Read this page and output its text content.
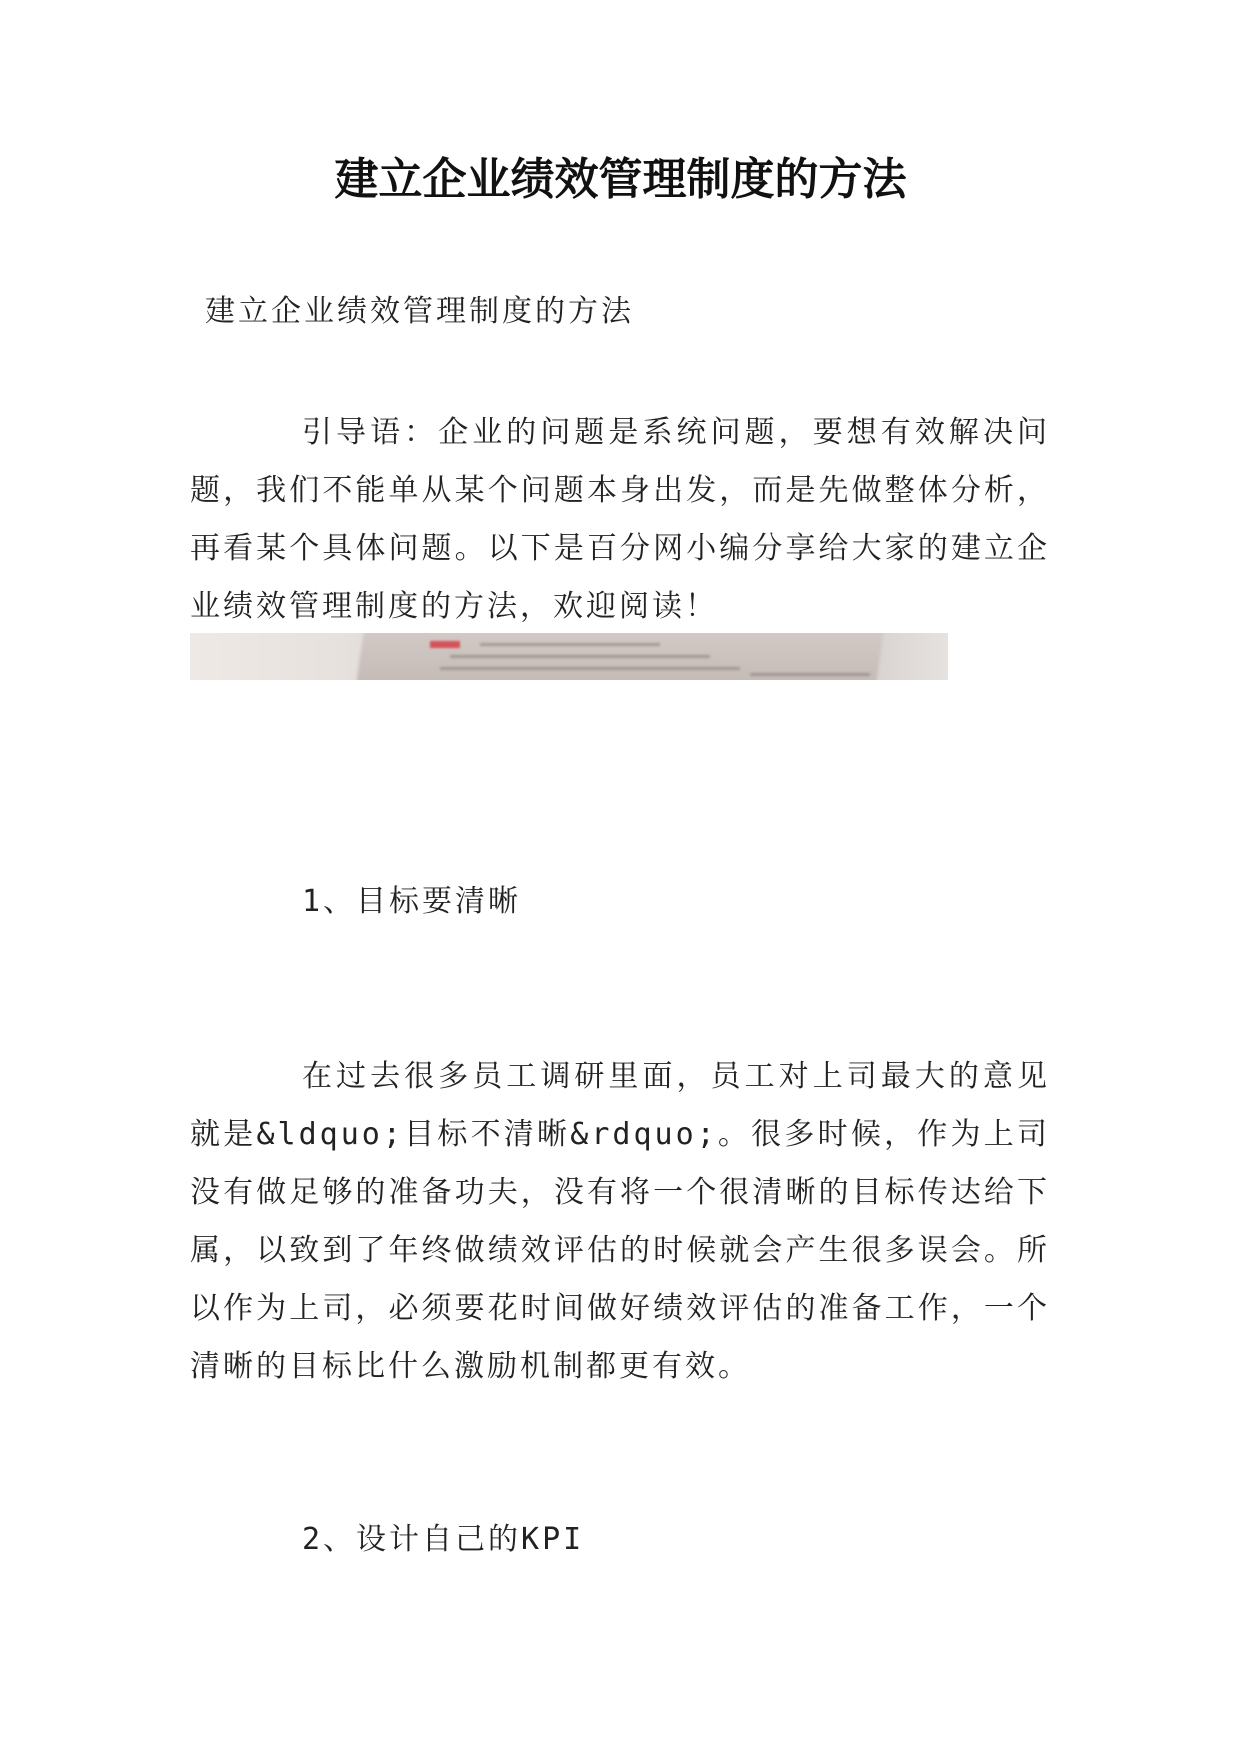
建立企业绩效管理制度的方法
建立企业绩效管理制度的方法
引导语：企业的问题是系统问题，要想有效解决问题，我们不能单从某个问题本身出发，而是先做整体分析，再看某个具体问题。以下是百分网小编分享给大家的建立企业绩效管理制度的方法，欢迎阅读！
1、目标要清晰
在过去很多员工调研里面，员工对上司最大的意见就是&ldquo;目标不清晰&rdquo;。很多时候，作为上司没有做足够的准备功夫，没有将一个很清晰的目标传达给下属，以致到了年终做绩效评估的时候就会产生很多误会。所以作为上司，必须要花时间做好绩效评估的准备工作，一个清晰的目标比什么激励机制都更有效。
2、设计自己的KPI
